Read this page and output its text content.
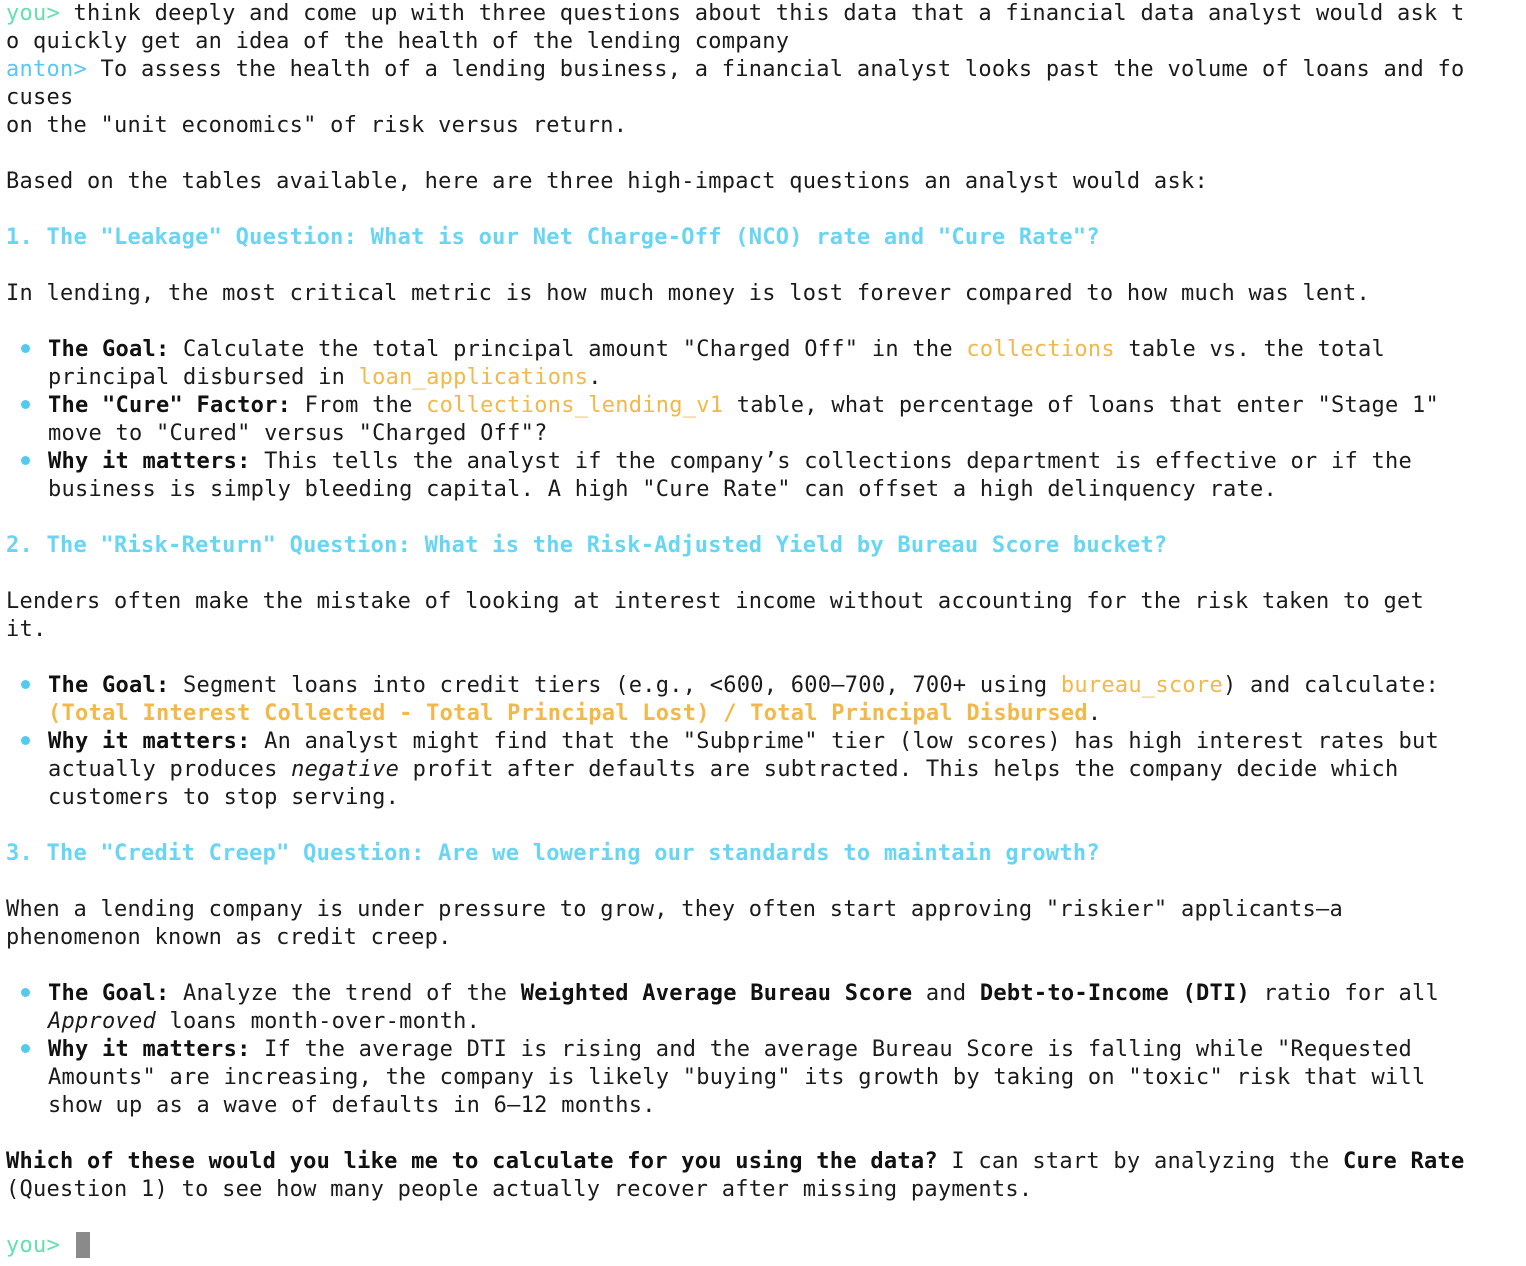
you> think deeply and come up with three questions about this data that a financial data analyst would ask t
o quickly get an idea of the health of the lending company
anton> To assess the health of a lending business, a financial analyst looks past the volume of loans and fo
cuses
on the "unit economics" of risk versus return.
Based on the tables available, here are three high-impact questions an analyst would ask:
1. The "Leakage" Question: What is our Net Charge-Off (NCO) rate and "Cure Rate"?
In lending, the most critical metric is how much money is lost forever compared to how much was lent.
The Goal: Calculate the total principal amount "Charged Off" in the collections table vs. the total
principal disbursed in loan_applications.
The "Cure" Factor: From the collections_lending_v1 table, what percentage of loans that enter "Stage 1"
move to "Cured" versus "Charged Off"?
Why it matters: This tells the analyst if the company’s collections department is effective or if the
business is simply bleeding capital. A high "Cure Rate" can offset a high delinquency rate.
2. The "Risk-Return" Question: What is the Risk-Adjusted Yield by Bureau Score bucket?
Lenders often make the mistake of looking at interest income without accounting for the risk taken to get
it.
The Goal: Segment loans into credit tiers (e.g., <600, 600–700, 700+ using bureau_score) and calculate:
(Total Interest Collected - Total Principal Lost) / Total Principal Disbursed.
Why it matters: An analyst might find that the "Subprime" tier (low scores) has high interest rates but
actually produces negative profit after defaults are subtracted. This helps the company decide which
customers to stop serving.
3. The "Credit Creep" Question: Are we lowering our standards to maintain growth?
When a lending company is under pressure to grow, they often start approving "riskier" applicants—a
phenomenon known as credit creep.
The Goal: Analyze the trend of the Weighted Average Bureau Score and Debt-to-Income (DTI) ratio for all
Approved loans month-over-month.
Why it matters: If the average DTI is rising and the average Bureau Score is falling while "Requested
Amounts" are increasing, the company is likely "buying" its growth by taking on "toxic" risk that will
show up as a wave of defaults in 6–12 months.
Which of these would you like me to calculate for you using the data? I can start by analyzing the Cure Rate
(Question 1) to see how many people actually recover after missing payments.
you>
